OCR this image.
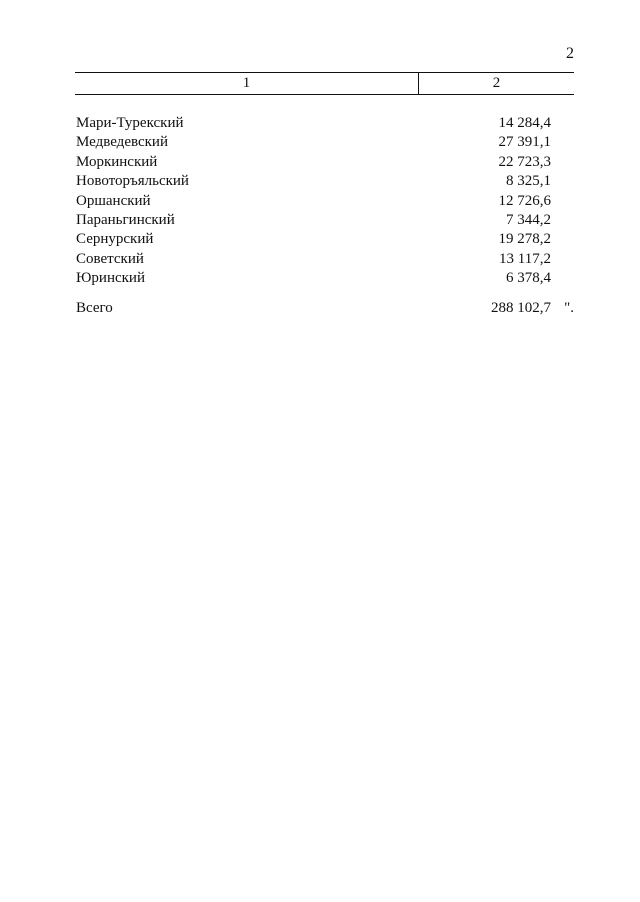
2
1	2
Мари-Турекский	14 284,4
Медведевский	27 391,1
Моркинский	22 723,3
Новоторъяльский	8 325,1
Оршанский	12 726,6
Параньгинский	7 344,2
Сернурский	19 278,2
Советский	13 117,2
Юринский	6 378,4
Всего	288 102,7 ".
